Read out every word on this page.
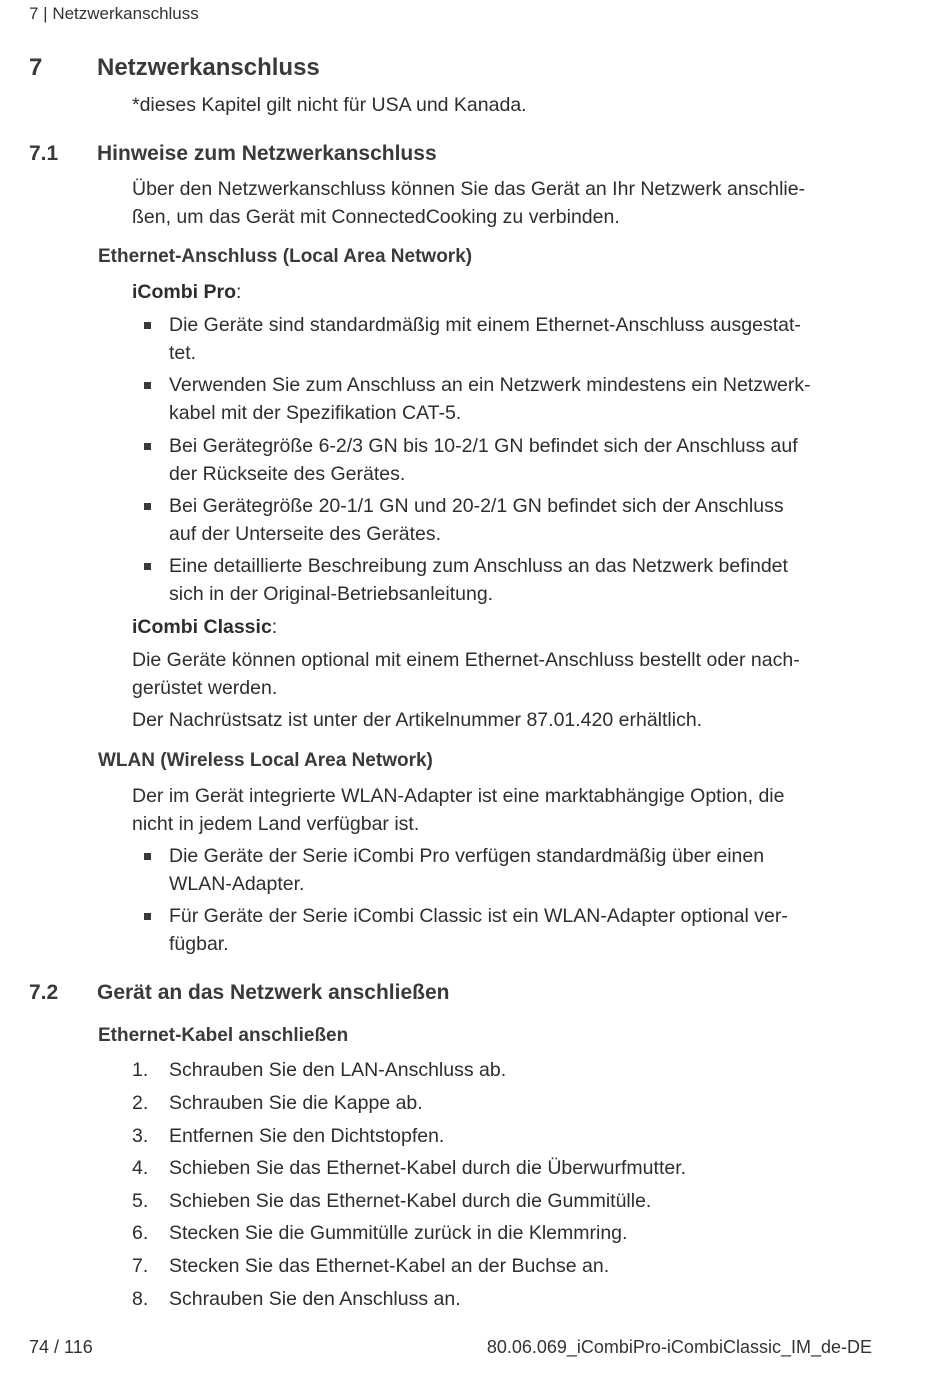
7 | Netzwerkanschluss
7 Netzwerkanschluss
*dieses Kapitel gilt nicht für USA und Kanada.
7.1 Hinweise zum Netzwerkanschluss
Über den Netzwerkanschluss können Sie das Gerät an Ihr Netzwerk anschlie-
ßen, um das Gerät mit ConnectedCooking zu verbinden.
Ethernet-Anschluss (Local Area Network)
iCombi Pro:
Die Geräte sind standardmäßig mit einem Ethernet-Anschluss ausgestat-
tet.
Verwenden Sie zum Anschluss an ein Netzwerk mindestens ein Netzwerk-
kabel mit der Spezifikation CAT-5.
Bei Gerätegröße 6-2/3 GN bis 10-2/1 GN befindet sich der Anschluss auf
der Rückseite des Gerätes.
Bei Gerätegröße 20-1/1 GN und 20-2/1 GN befindet sich der Anschluss
auf der Unterseite des Gerätes.
Eine detaillierte Beschreibung zum Anschluss an das Netzwerk befindet
sich in der Original-Betriebsanleitung.
iCombi Classic:
Die Geräte können optional mit einem Ethernet-Anschluss bestellt oder nach-
gerüstet werden.
Der Nachrüstsatz ist unter der Artikelnummer 87.01.420 erhältlich.
WLAN (Wireless Local Area Network)
Der im Gerät integrierte WLAN-Adapter ist eine marktabhängige Option, die
nicht in jedem Land verfügbar ist.
Die Geräte der Serie iCombi Pro verfügen standardmäßig über einen
WLAN-Adapter.
Für Geräte der Serie iCombi Classic ist ein WLAN-Adapter optional ver-
fügbar.
7.2 Gerät an das Netzwerk anschließen
Ethernet-Kabel anschließen
1. Schrauben Sie den LAN-Anschluss ab.
2. Schrauben Sie die Kappe ab.
3. Entfernen Sie den Dichtstopfen.
4. Schieben Sie das Ethernet-Kabel durch die Überwurfmutter.
5. Schieben Sie das Ethernet-Kabel durch die Gummitülle.
6. Stecken Sie die Gummitülle zurück in die Klemmring.
7. Stecken Sie das Ethernet-Kabel an der Buchse an.
8. Schrauben Sie den Anschluss an.
74 / 116	80.06.069_iCombiPro-iCombiClassic_IM_de-DE
